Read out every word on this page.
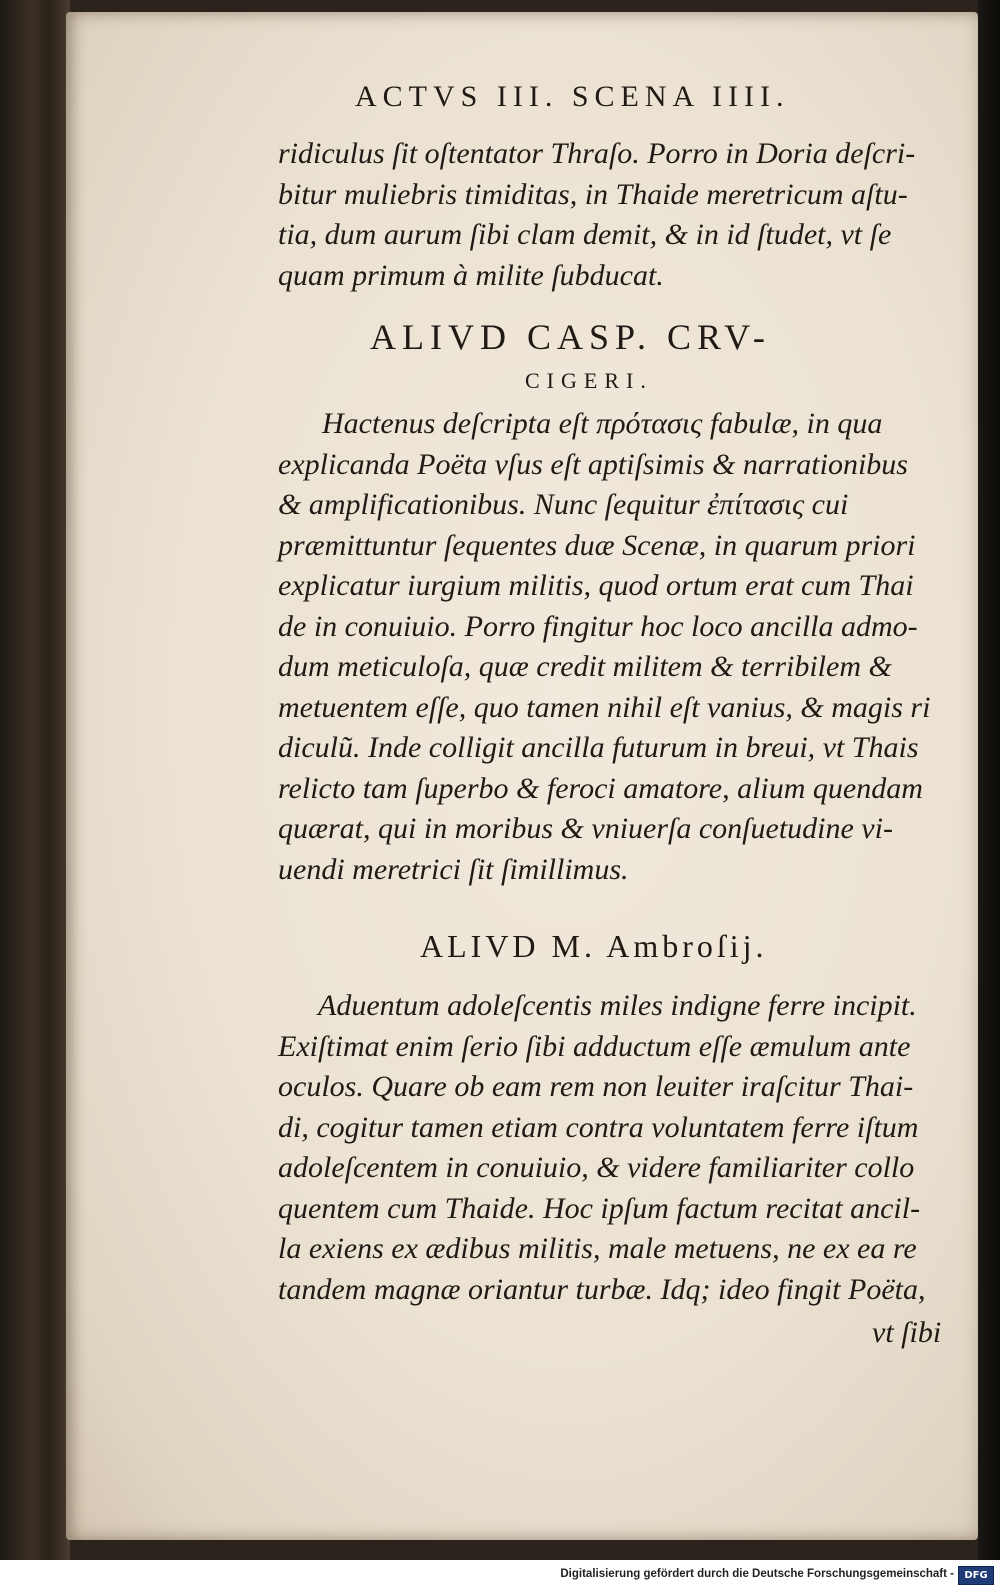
ACTVS III. SCENA IIII.
ridiculus ſit oſtentator Thraſo. Porro in Doria deſcri-
bitur muliebris timiditas, in Thaide meretricum aſtu-
tia, dum aurum ſibi clam demit, & in id ſtudet, vt ſe
quam primum à milite ſubducat.
ALIVD CASP. CRV-
CIGERI.
Hactenus deſcripta eſt πρότασις fabulæ, in qua
explicanda Poëta vſus eſt aptiſsimis & narrationibus
& amplificationibus. Nunc ſequitur ἐπίτασις cui
præmittuntur ſequentes duæ Scenæ, in quarum priori
explicatur iurgium militis, quod ortum erat cum Thai
de in conuiuio. Porro fingitur hoc loco ancilla admo-
dum meticuloſa, quæ credit militem & terribilem &
metuentem eſſe, quo tamen nihil eſt vanius, & magis ri
diculũ. Inde colligit ancilla futurum in breui, vt Thais
relicto tam ſuperbo & feroci amatore, alium quendam
quærat, qui in moribus & vniuerſa conſuetudine vi-
uendi meretrici ſit ſimillimus.
ALIVD M. Ambroſij.
Aduentum adoleſcentis miles indigne ferre incipit.
Exiſtimat enim ſerio ſibi adductum eſſe æmulum ante
oculos. Quare ob eam rem non leuiter iraſcitur Thai-
di, cogitur tamen etiam contra voluntatem ferre iſtum
adoleſcentem in conuiuio, & videre familiariter collo
quentem cum Thaide. Hoc ipſum factum recitat ancil-
la exiens ex ædibus militis, male metuens, ne ex ea re
tandem magnæ oriantur turbæ. Idq; ideo fingit Poëta,
vt ſibi
Digitalisierung gefördert durch die Deutsche Forschungsgemeinschaft -	DFG
